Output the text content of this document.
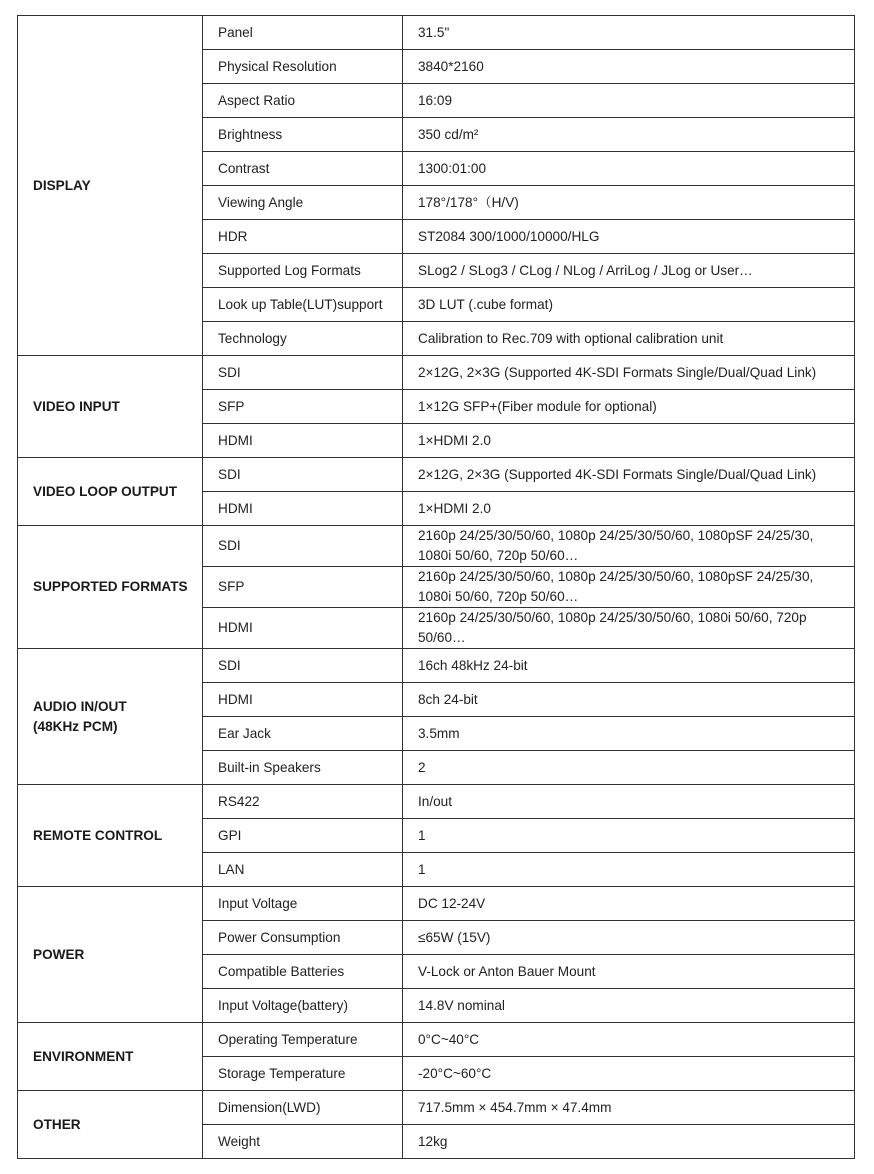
DISPLAY	Panel	31.5"
	Physical Resolution	3840*2160
	Aspect Ratio	16:09
	Brightness	350 cd/m²
	Contrast	1300:01:00
	Viewing Angle	178°/178°（H/V)
	HDR	ST2084 300/1000/10000/HLG
	Supported Log Formats	SLog2 / SLog3 / CLog / NLog / ArriLog / JLog or User…
	Look up Table(LUT)support	3D LUT (.cube format)
	Technology	Calibration to Rec.709 with optional calibration unit

VIDEO INPUT	SDI	2×12G, 2×3G (Supported 4K-SDI Formats Single/Dual/Quad Link)
	SFP	1×12G SFP+(Fiber module for optional)
	HDMI	1×HDMI 2.0

VIDEO LOOP OUTPUT	SDI	2×12G, 2×3G (Supported 4K-SDI Formats Single/Dual/Quad Link)
	HDMI	1×HDMI 2.0

SUPPORTED FORMATS	SDI	2160p 24/25/30/50/60, 1080p 24/25/30/50/60, 1080pSF 24/25/30, 1080i 50/60, 720p 50/60…
	SFP	2160p 24/25/30/50/60, 1080p 24/25/30/50/60, 1080pSF 24/25/30, 1080i 50/60, 720p 50/60…
	HDMI	2160p 24/25/30/50/60, 1080p 24/25/30/50/60, 1080i 50/60, 720p 50/60…

AUDIO IN/OUT
(48KHz PCM)	SDI	16ch 48kHz 24-bit
	HDMI	8ch 24-bit
	Ear Jack	3.5mm
	Built-in Speakers	2

REMOTE CONTROL	RS422	In/out
	GPI	1
	LAN	1

POWER	Input Voltage	DC 12-24V
	Power Consumption	≤65W (15V)
	Compatible Batteries	V-Lock or Anton Bauer Mount
	Input Voltage(battery)	14.8V nominal

ENVIRONMENT	Operating Temperature	0°C~40°C
	Storage Temperature	-20°C~60°C

OTHER	Dimension(LWD)	717.5mm × 454.7mm × 47.4mm
	Weight	12kg
